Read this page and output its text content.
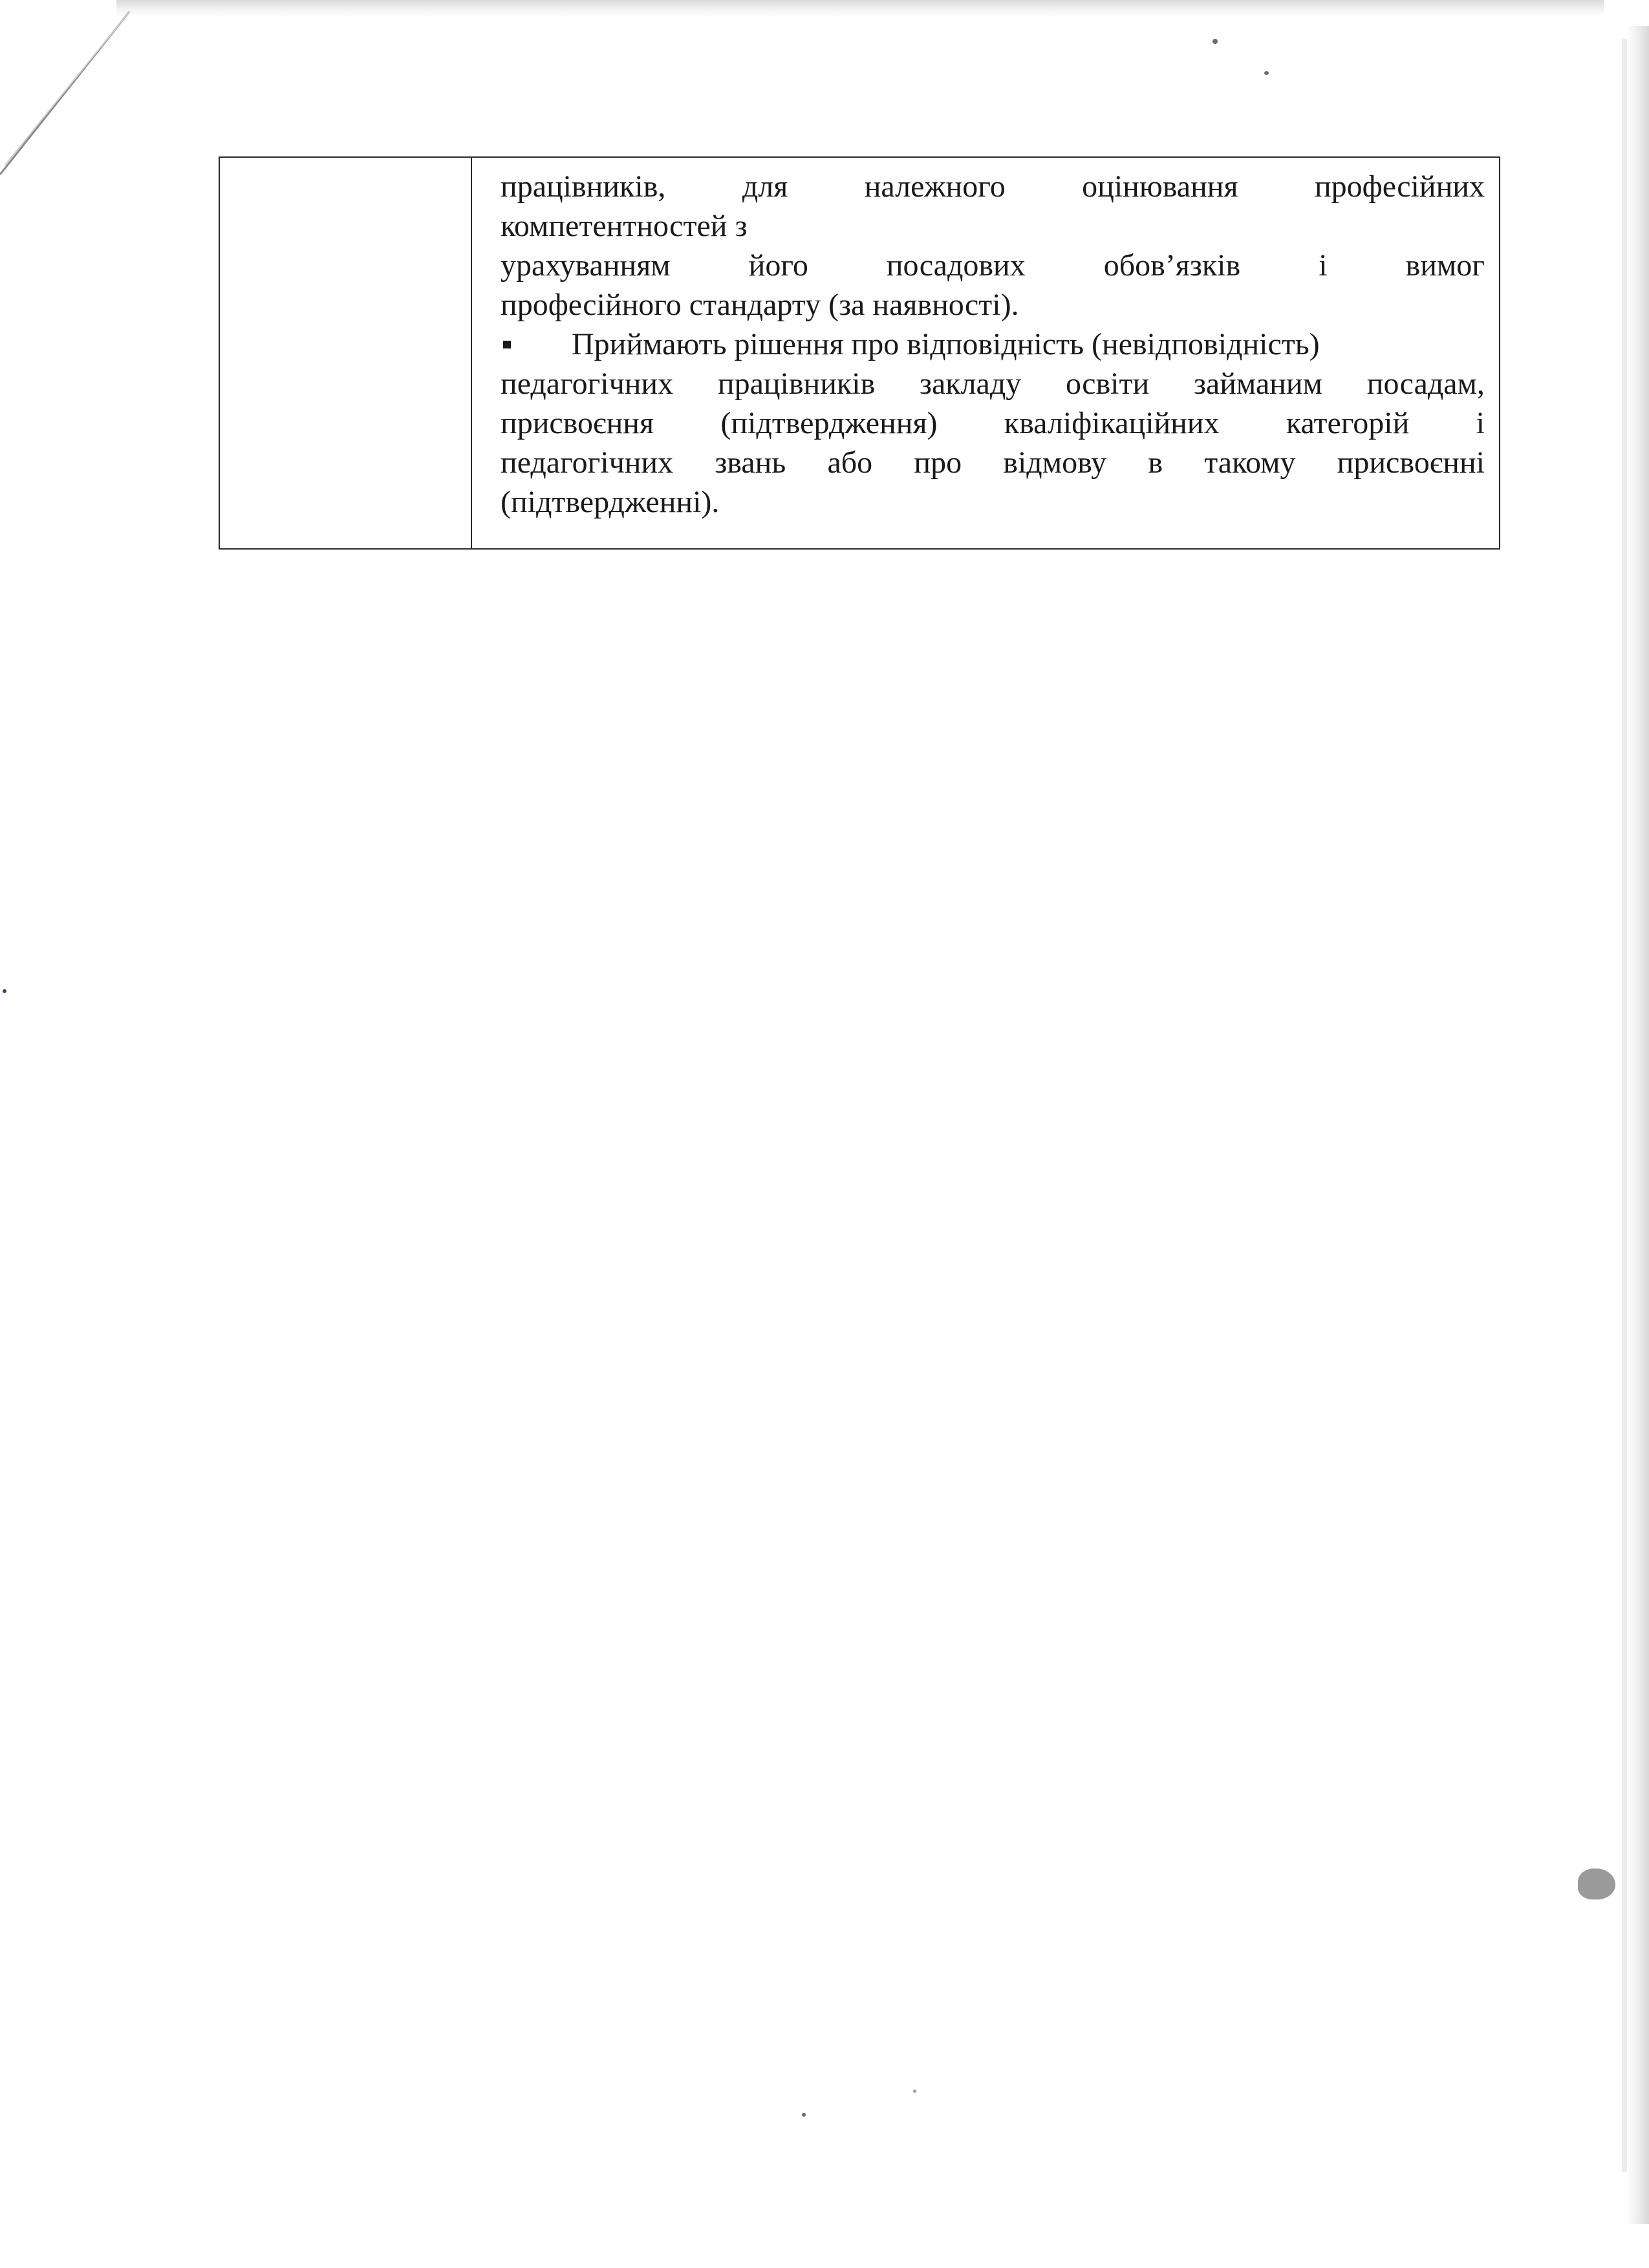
працівників, для належного оцінювання професійних
компетентностей з
урахуванням	його	посадових	обов’язків	і	вимог
професійного стандарту (за наявності).
Приймають рішення про відповідність (невідповідність)
педагогічних працівників закладу освіти займаним посадам,
присвоєння (підтвердження) кваліфікаційних категорій і
педагогічних звань або про відмову в такому присвоєнні
(підтвердженні).
